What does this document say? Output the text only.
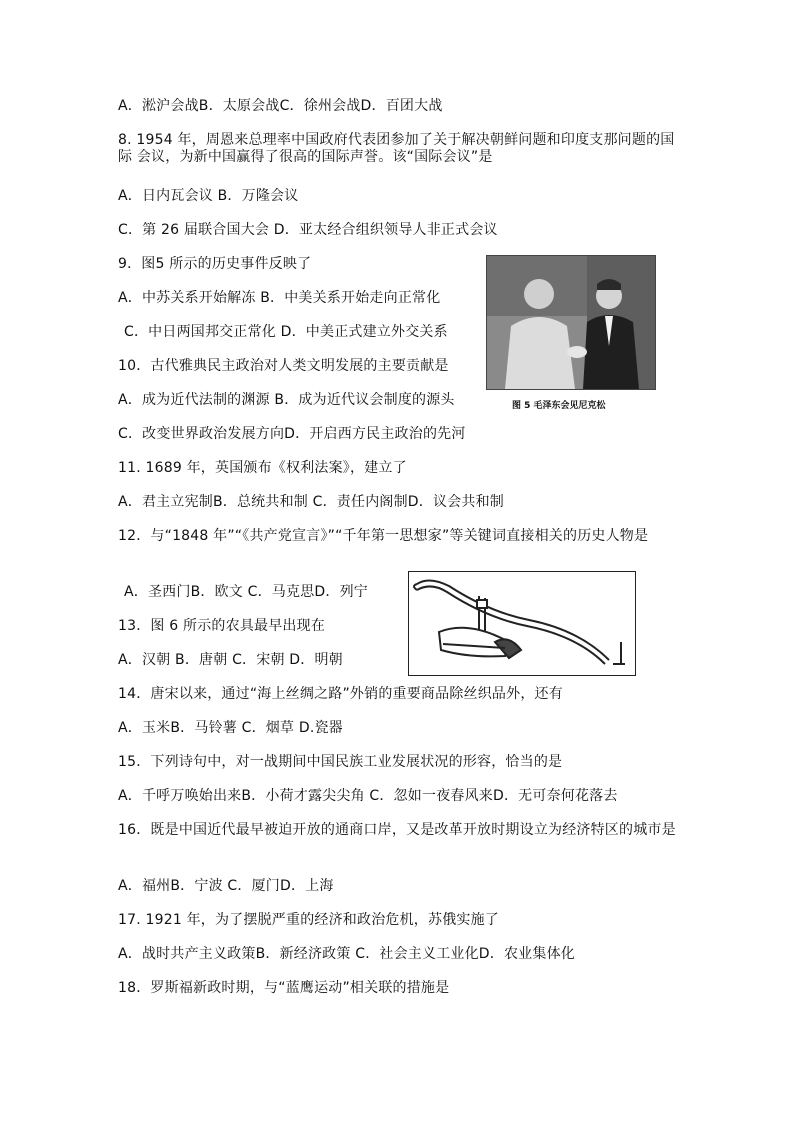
A．淞沪会战B．太原会战C．徐州会战D．百团大战
8. 1954 年，周恩来总理率中国政府代表团参加了关于解决朝鲜问题和印度支那问题的国际 会议，为新中国赢得了很高的国际声誉。该“国际会议”是
A．日内瓦会议 B．万隆会议
C．第 26 届联合国大会 D．亚太经合组织领导人非正式会议
9．图5 所示的历史事件反映了
A．中苏关系开始解冻 B．中美关系开始走向正常化
C．中日两国邦交正常化 D．中美正式建立外交关系
10．古代雅典民主政治对人类文明发展的主要贡献是
A．成为近代法制的渊源 B．成为近代议会制度的源头
C．改变世界政治发展方向D．开启西方民主政治的先河
11. 1689 年，英国颁布《权利法案》，建立了
A．君主立宪制B．总统共和制 C．责任内阁制D．议会共和制
12．与“1848 年”“《共产党宣言》”“千年第一思想家”等关键词直接相关的历史人物是
A．圣西门B．欧文 C．马克思D．列宁
13．图 6 所示的农具最早出现在
A．汉朝 B．唐朝 C．宋朝 D．明朝
14．唐宋以来，通过“海上丝绸之路”外销的重要商品除丝织品外，还有
A．玉米B．马铃薯 C．烟草 D.瓷器
15．下列诗句中，对一战期间中国民族工业发展状况的形容，恰当的是
A．千呼万唤始出来B．小荷才露尖尖角 C．忽如一夜春风来D．无可奈何花落去
16．既是中国近代最早被迫开放的通商口岸，又是改革开放时期设立为经济特区的城市是
A．福州B．宁波 C．厦门D．上海
17. 1921 年，为了摆脱严重的经济和政治危机，苏俄实施了
A．战时共产主义政策B．新经济政策 C．社会主义工业化D．农业集体化
18．罗斯福新政时期，与“蓝鹰运动”相关联的措施是
图 5 毛泽东会见尼克松
